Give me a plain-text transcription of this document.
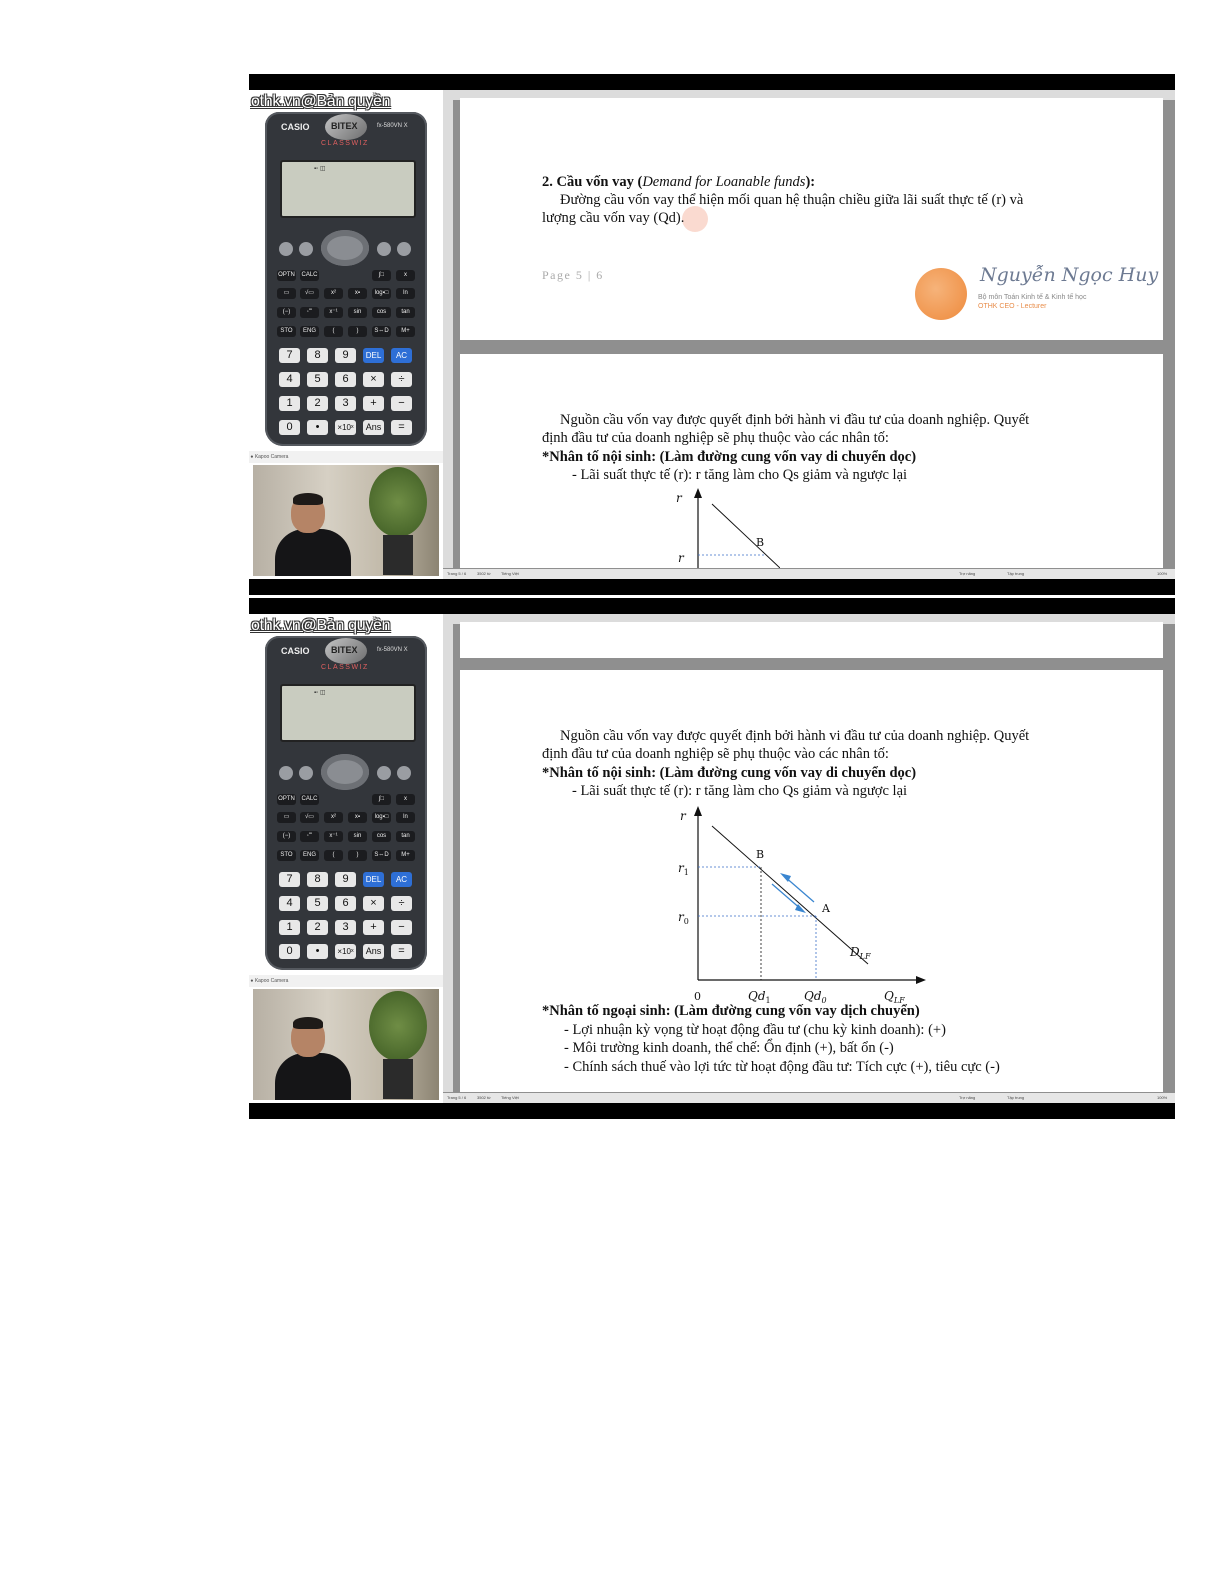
othk.vn@Bản quyền
CASIO BITEX	fx-580VN X
CLASSWIZ
▪▫ ◫
OPTN CALC	∫□	x
▭	√▭	x²	x▪	log▪□	ln
(−)	◦'''	x⁻¹	sin	cos	tan
STO	ENG	(	)	S⇔D	M+
7	8	9	DEL	AC
4	5	6	×	÷
1	2	3	+	−
0	•	×10ˣ	Ans	=
● Kapoo Camera
2. Cầu vốn vay (Demand for Loanable funds):
Đường cầu vốn vay thể hiện mối quan hệ thuận chiều giữa lãi suất thực tế (r) và
lượng cầu vốn vay (Qd).
Page 5 | 6	Nguyễn Ngọc Huy
Bộ môn Toán Kinh tế & Kinh tế học
OTHK CEO - Lecturer
Nguồn cầu vốn vay được quyết định bởi hành vi đầu tư của doanh nghiệp. Quyết
định đầu tư của doanh nghiệp sẽ phụ thuộc vào các nhân tố:
*Nhân tố nội sinh: (Làm đường cung vốn vay di chuyển dọc)
- Lãi suất thực tế (r): r tăng làm cho Qs giảm và ngược lại
r
B
r
Trang 5 / 6	3502 từ	Tiếng Việt	Trợ năng	Tập trung	100%
othk.vn@Bản quyền
CASIO BITEX	fx-580VN X
CLASSWIZ
▪▫ ◫
OPTN CALC	∫□	x
▭	√▭	x²	x▪	log▪□	ln
(−)	◦'''	x⁻¹	sin	cos	tan
STO	ENG	(	)	S⇔D	M+
7	8	9	DEL	AC
4	5	6	×	÷
1	2	3	+	−
0	•	×10ˣ	Ans	=
● Kapoo Camera
Nguồn cầu vốn vay được quyết định bởi hành vi đầu tư của doanh nghiệp. Quyết
định đầu tư của doanh nghiệp sẽ phụ thuộc vào các nhân tố:
*Nhân tố nội sinh: (Làm đường cung vốn vay di chuyển dọc)
- Lãi suất thực tế (r): r tăng làm cho Qs giảm và ngược lại
r
B
A
$r_1$
$r_0$
0	$Qd_1$	$Qd_0$	$Q_{LF}$
$D_{LF}$
*Nhân tố ngoại sinh: (Làm đường cung vốn vay dịch chuyển)
- Lợi nhuận kỳ vọng từ hoạt động đầu tư (chu kỳ kinh doanh): (+)
- Môi trường kinh doanh, thể chế: Ổn định (+), bất ổn (-)
- Chính sách thuế vào lợi tức từ hoạt động đầu tư: Tích cực (+), tiêu cực (-)
Trang 5 / 6	3502 từ	Tiếng Việt	Trợ năng	Tập trung	100%
